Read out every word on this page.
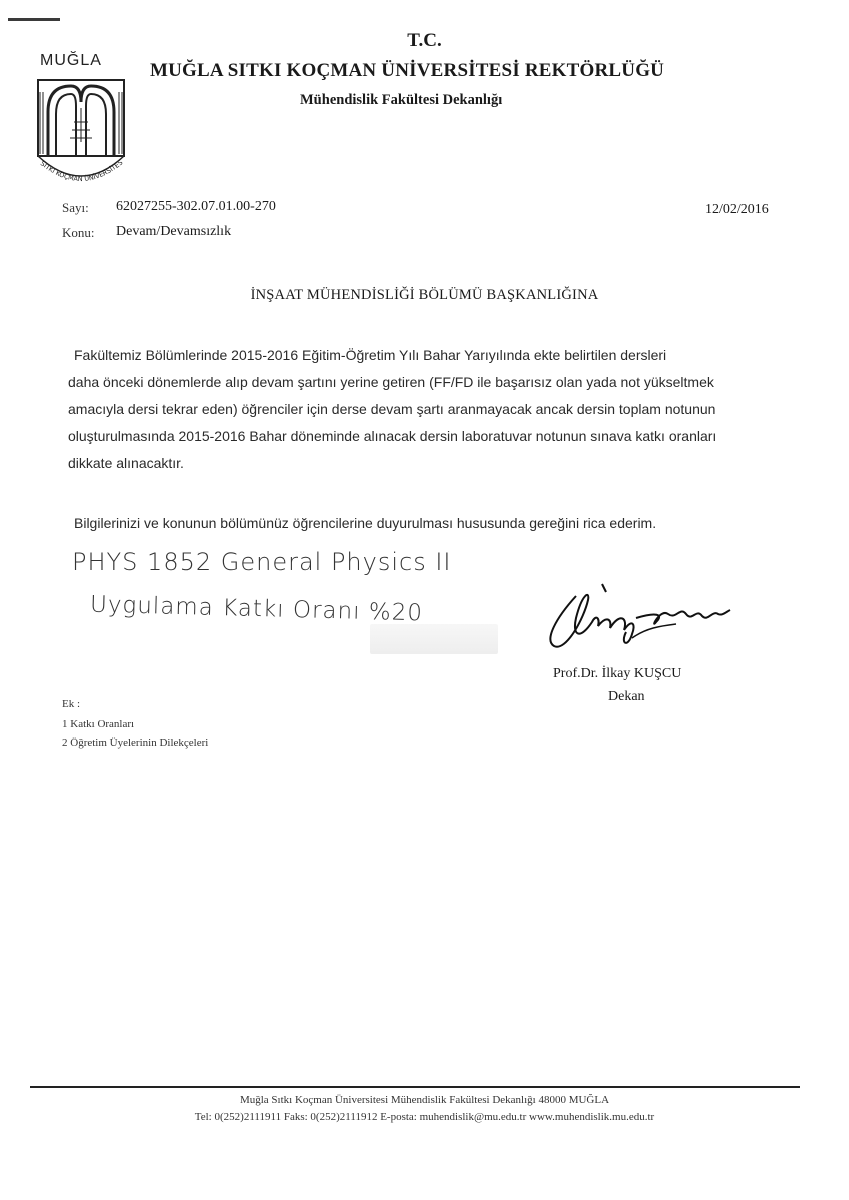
MUĞLA
SITKI KOÇMAN ÜNİVERSİTES
T.C.
MUĞLA SITKI KOÇMAN ÜNİVERSİTESİ REKTÖRLÜĞÜ
Mühendislik Fakültesi Dekanlığı
Sayı: 62027255-302.07.01.00-270
Konu: Devam/Devamsızlık
12/02/2016
İNŞAAT MÜHENDİSLİĞİ BÖLÜMÜ BAŞKANLIĞINA

Fakültemiz Bölümlerinde 2015-2016 Eğitim-Öğretim Yılı Bahar Yarıyılında ekte belirtilen dersleri

daha önceki dönemlerde alıp devam şartını yerine getiren (FF/FD ile başarısız olan yada not yükseltmek

amacıyla dersi tekrar eden) öğrenciler için derse devam şartı aranmayacak ancak dersin toplam notunun

oluşturulmasında 2015-2016 Bahar döneminde alınacak dersin laboratuvar notunun sınava katkı oranları

dikkate alınacaktır.

Bilgilerinizi ve konunun bölümünüz öğrencilerine duyurulması hususunda gereğini rica ederim.
PHYS 1852 General Physics II
Uygulama Katkı Oranı %20
Prof.Dr. İlkay KUŞCU
Dekan
Ek :
1 Katkı Oranları
2 Öğretim Üyelerinin Dilekçeleri
Muğla Sıtkı Koçman Üniversitesi Mühendislik Fakültesi Dekanlığı 48000 MUĞLA
Tel: 0(252)2111911 Faks: 0(252)2111912 E-posta: muhendislik@mu.edu.tr www.muhendislik.mu.edu.tr
